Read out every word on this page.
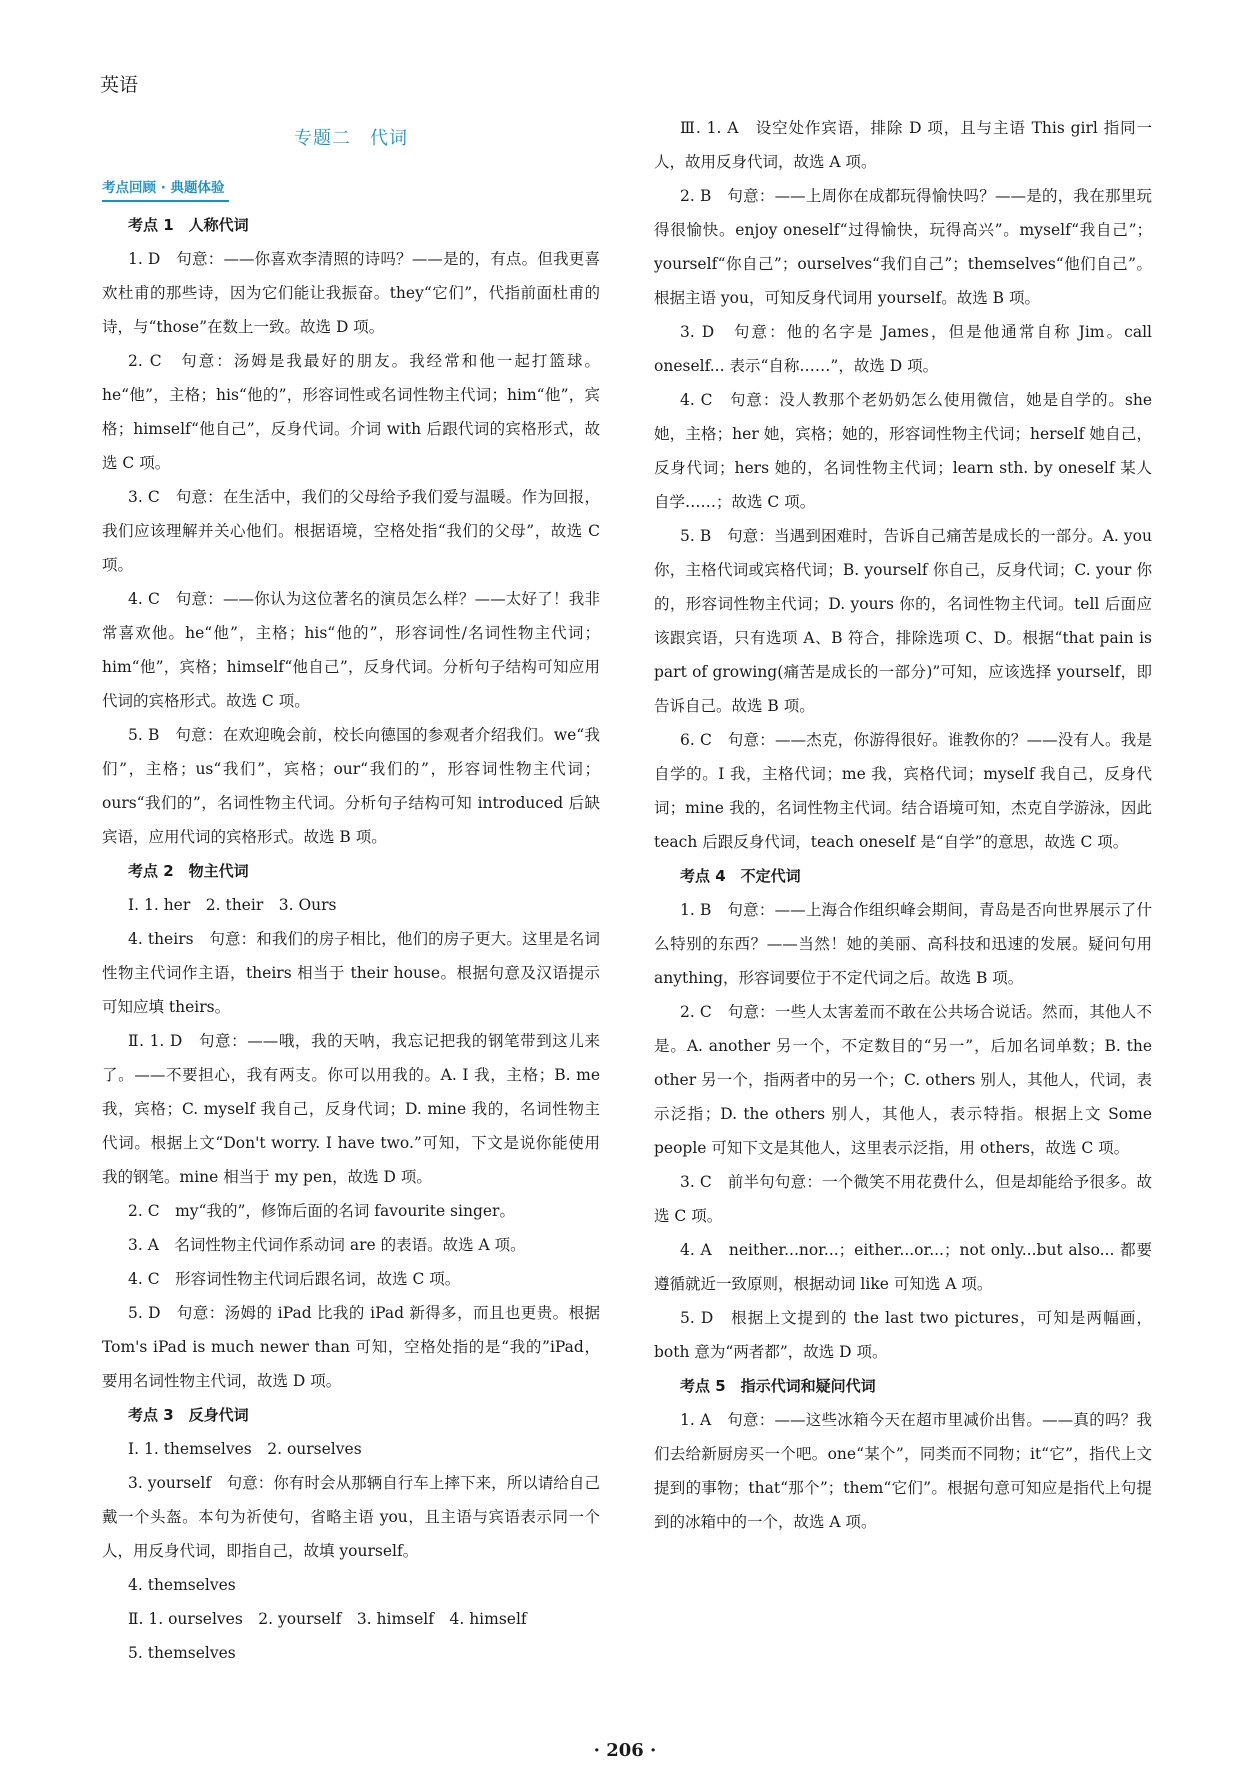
英语
专题二　代词
考点回顾 · 典题体验
考点 1　人称代词
1. D　句意：——你喜欢李清照的诗吗？——是的，有点。但我更喜欢杜甫的那些诗，因为它们能让我振奋。they“它们”，代指前面杜甫的诗，与“those”在数上一致。故选 D 项。
2. C　句意：汤姆是我最好的朋友。我经常和他一起打篮球。he“他”，主格；his“他的”，形容词性或名词性物主代词；him“他”，宾格；himself“他自己”，反身代词。介词 with 后跟代词的宾格形式，故选 C 项。
3. C　句意：在生活中，我们的父母给予我们爱与温暖。作为回报，我们应该理解并关心他们。根据语境，空格处指“我们的父母”，故选 C 项。
4. C　句意：——你认为这位著名的演员怎么样？——太好了！我非常喜欢他。he“他”，主格；his“他的”，形容词性/名词性物主代词；him“他”，宾格；himself“他自己”，反身代词。分析句子结构可知应用代词的宾格形式。故选 C 项。
5. B　句意：在欢迎晚会前，校长向德国的参观者介绍我们。we“我们”，主格；us“我们”，宾格；our“我们的”，形容词性物主代词；ours“我们的”，名词性物主代词。分析句子结构可知 introduced 后缺宾语，应用代词的宾格形式。故选 B 项。
考点 2　物主代词
Ⅰ. 1. her　2. their　3. Ours
4. theirs　句意：和我们的房子相比，他们的房子更大。这里是名词性物主代词作主语，theirs 相当于 their house。根据句意及汉语提示可知应填 theirs。
Ⅱ. 1. D　句意：——哦，我的天呐，我忘记把我的钢笔带到这儿来了。——不要担心，我有两支。你可以用我的。A. I 我，主格；B. me 我，宾格；C. myself 我自己，反身代词；D. mine 我的，名词性物主代词。根据上文“Don't worry. I have two.”可知，下文是说你能使用我的钢笔。mine 相当于 my pen，故选 D 项。
2. C　my“我的”，修饰后面的名词 favourite singer。
3. A　名词性物主代词作系动词 are 的表语。故选 A 项。
4. C　形容词性物主代词后跟名词，故选 C 项。
5. D　句意：汤姆的 iPad 比我的 iPad 新得多，而且也更贵。根据 Tom's iPad is much newer than 可知，空格处指的是“我的”iPad，要用名词性物主代词，故选 D 项。
考点 3　反身代词
Ⅰ. 1. themselves　2. ourselves
3. yourself　句意：你有时会从那辆自行车上摔下来，所以请给自己戴一个头盔。本句为祈使句，省略主语 you，且主语与宾语表示同一个人，用反身代词，即指自己，故填 yourself。
4. themselves
Ⅱ. 1. ourselves　2. yourself　3. himself　4. himself
5. themselves
Ⅲ. 1. A　设空处作宾语，排除 D 项，且与主语 This girl 指同一人，故用反身代词，故选 A 项。
2. B　句意：——上周你在成都玩得愉快吗？——是的，我在那里玩得很愉快。enjoy oneself“过得愉快，玩得高兴”。myself“我自己”；yourself“你自己”；ourselves“我们自己”；themselves“他们自己”。根据主语 you，可知反身代词用 yourself。故选 B 项。
3. D　句意：他的名字是 James，但是他通常自称 Jim。call oneself... 表示“自称……”，故选 D 项。
4. C　句意：没人教那个老奶奶怎么使用微信，她是自学的。she 她，主格；her 她，宾格；她的，形容词性物主代词；herself 她自己，反身代词；hers 她的，名词性物主代词；learn sth. by oneself 某人自学……；故选 C 项。
5. B　句意：当遇到困难时，告诉自己痛苦是成长的一部分。A. you 你，主格代词或宾格代词；B. yourself 你自己，反身代词；C. your 你的，形容词性物主代词；D. yours 你的，名词性物主代词。tell 后面应该跟宾语，只有选项 A、B 符合，排除选项 C、D。根据“that pain is part of growing(痛苦是成长的一部分)”可知，应该选择 yourself，即告诉自己。故选 B 项。
6. C　句意：——杰克，你游得很好。谁教你的？——没有人。我是自学的。I 我，主格代词；me 我，宾格代词；myself 我自己，反身代词；mine 我的，名词性物主代词。结合语境可知，杰克自学游泳，因此 teach 后跟反身代词，teach oneself 是“自学”的意思，故选 C 项。
考点 4　不定代词
1. B　句意：——上海合作组织峰会期间，青岛是否向世界展示了什么特别的东西？——当然！她的美丽、高科技和迅速的发展。疑问句用 anything，形容词要位于不定代词之后。故选 B 项。
2. C　句意：一些人太害羞而不敢在公共场合说话。然而，其他人不是。A. another 另一个，不定数目的“另一”，后加名词单数；B. the other 另一个，指两者中的另一个；C. others 别人，其他人，代词，表示泛指；D. the others 别人，其他人，表示特指。根据上文 Some people 可知下文是其他人，这里表示泛指，用 others，故选 C 项。
3. C　前半句句意：一个微笑不用花费什么，但是却能给予很多。故选 C 项。
4. A　neither...nor...；either...or...；not only...but also... 都要遵循就近一致原则，根据动词 like 可知选 A 项。
5. D　根据上文提到的 the last two pictures，可知是两幅画，both 意为“两者都”，故选 D 项。
考点 5　指示代词和疑问代词
1. A　句意：——这些冰箱今天在超市里减价出售。——真的吗？我们去给新厨房买一个吧。one“某个”，同类而不同物；it“它”，指代上文提到的事物；that“那个”；them“它们”。根据句意可知应是指代上句提到的冰箱中的一个，故选 A 项。
· 206 ·
